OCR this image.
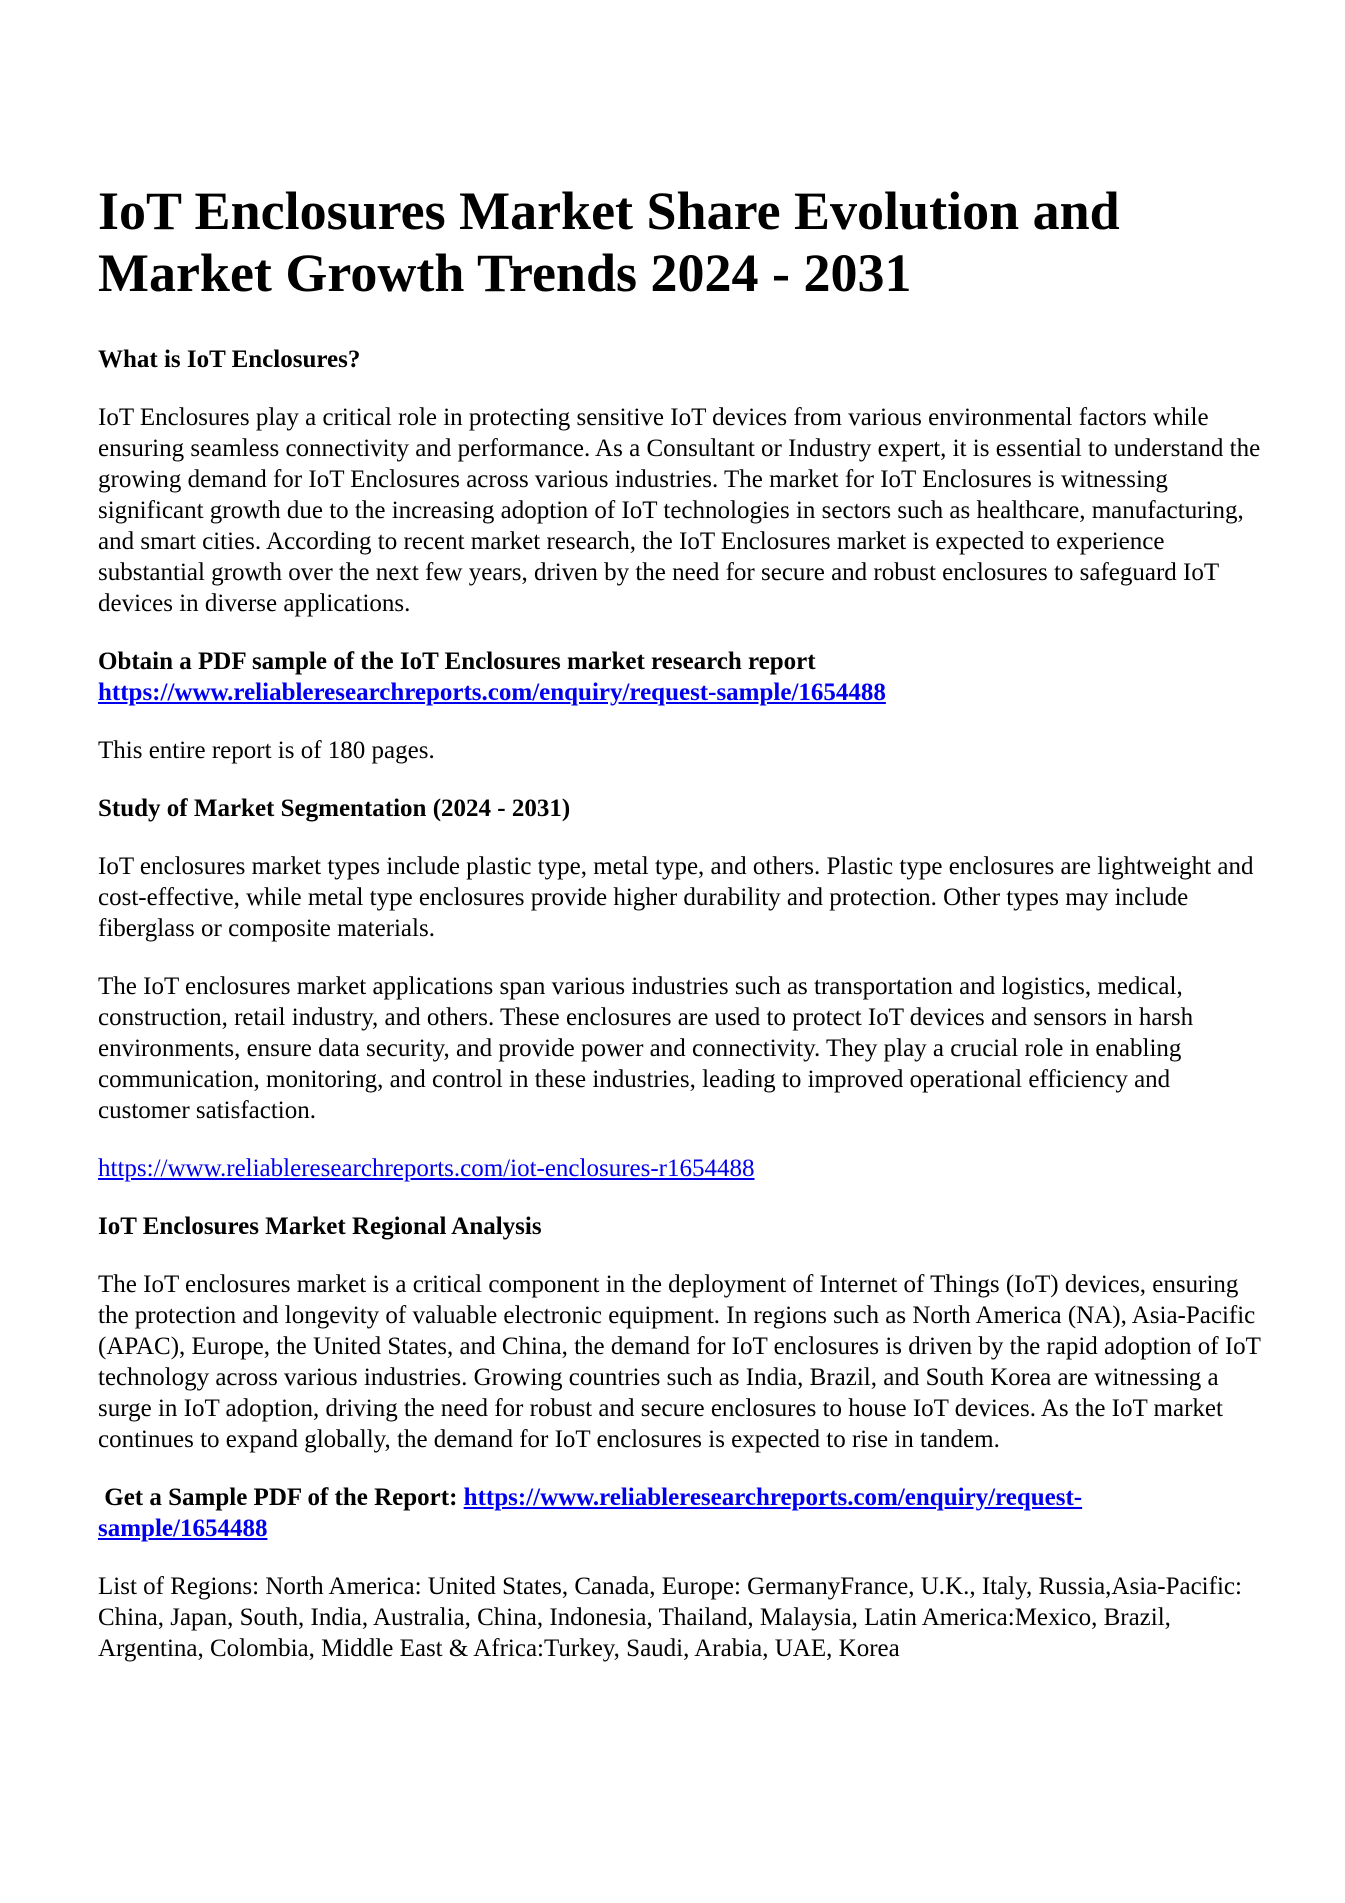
IoT Enclosures Market Share Evolution and Market Growth Trends 2024 - 2031
What is IoT Enclosures?

IoT Enclosures play a critical role in protecting sensitive IoT devices from various environmental factors while ensuring seamless connectivity and performance. As a Consultant or Industry expert, it is essential to understand the growing demand for IoT Enclosures across various industries. The market for IoT Enclosures is witnessing significant growth due to the increasing adoption of IoT technologies in sectors such as healthcare, manufacturing, and smart cities. According to recent market research, the IoT Enclosures market is expected to experience substantial growth over the next few years, driven by the need for secure and robust enclosures to safeguard IoT devices in diverse applications.

Obtain a PDF sample of the IoT Enclosures market research report https://www.reliableresearchreports.com/enquiry/request-sample/1654488

This entire report is of 180 pages.

Study of Market Segmentation (2024 - 2031)

IoT enclosures market types include plastic type, metal type, and others. Plastic type enclosures are lightweight and cost-effective, while metal type enclosures provide higher durability and protection. Other types may include fiberglass or composite materials.

The IoT enclosures market applications span various industries such as transportation and logistics, medical, construction, retail industry, and others. These enclosures are used to protect IoT devices and sensors in harsh environments, ensure data security, and provide power and connectivity. They play a crucial role in enabling communication, monitoring, and control in these industries, leading to improved operational efficiency and customer satisfaction.

https://www.reliableresearchreports.com/iot-enclosures-r1654488

IoT Enclosures Market Regional Analysis

The IoT enclosures market is a critical component in the deployment of Internet of Things (IoT) devices, ensuring the protection and longevity of valuable electronic equipment. In regions such as North America (NA), Asia-Pacific (APAC), Europe, the United States, and China, the demand for IoT enclosures is driven by the rapid adoption of IoT technology across various industries. Growing countries such as India, Brazil, and South Korea are witnessing a surge in IoT adoption, driving the need for robust and secure enclosures to house IoT devices. As the IoT market continues to expand globally, the demand for IoT enclosures is expected to rise in tandem.

Get a Sample PDF of the Report: https://www.reliableresearchreports.com/enquiry/request-sample/1654488

List of Regions: North America: United States, Canada, Europe: GermanyFrance, U.K., Italy, Russia,Asia-Pacific: China, Japan, South, India, Australia, China, Indonesia, Thailand, Malaysia, Latin America:Mexico, Brazil, Argentina, Colombia, Middle East & Africa:Turkey, Saudi, Arabia, UAE, Korea
